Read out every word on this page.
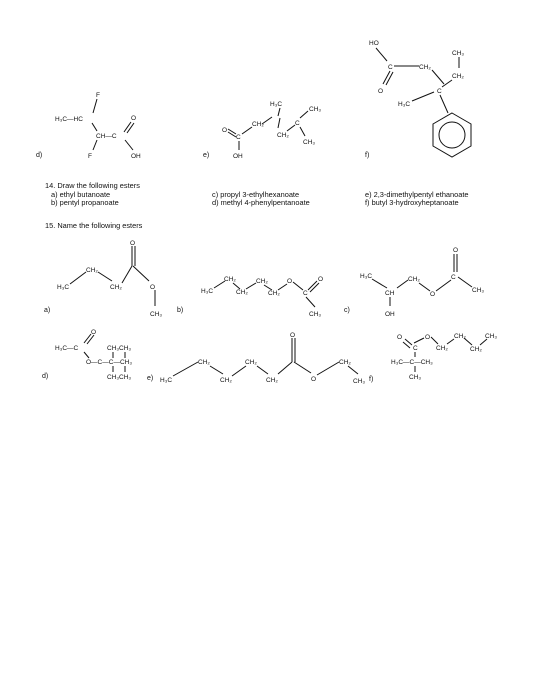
F
H₃C—HC
CH—C
F
O
OH
O
C
OH
CH₂
H₃C
CH₂
C
CH₃
CH₃
HO
C
O
CH₂
CH₃
CH₂
C
H₃C
H₃C
CH₂
CH₂
O
O
CH₃
H₃C
CH₂
CH₂
CH₂
CH₂
O
C
O
CH₃
H₃C
CH
OH
CH₂
O
C
O
CH₃
H₃C—C
O
CH₃CH₃
O—C—C—CH₃
CH₃CH₃	H₃C
CH₂
CH₂
CH₂
CH₂
O
O
CH₂
CH₃
C
O
O
CH₂
CH₂
CH₂
CH₃
H₃C—C—CH₃
CH₃
d)	e)	f)
14. Draw the following esters
a) ethyl butanoate
b) pentyl propanoate
c) propyl 3-ethylhexanoate
d) methyl 4-phenylpentanoate
e) 2,3-dimethylpentyl ethanoate
f) butyl 3-hydroxyheptanoate
15. Name the following esters
a)	b)	c)
d)	e)	f)
